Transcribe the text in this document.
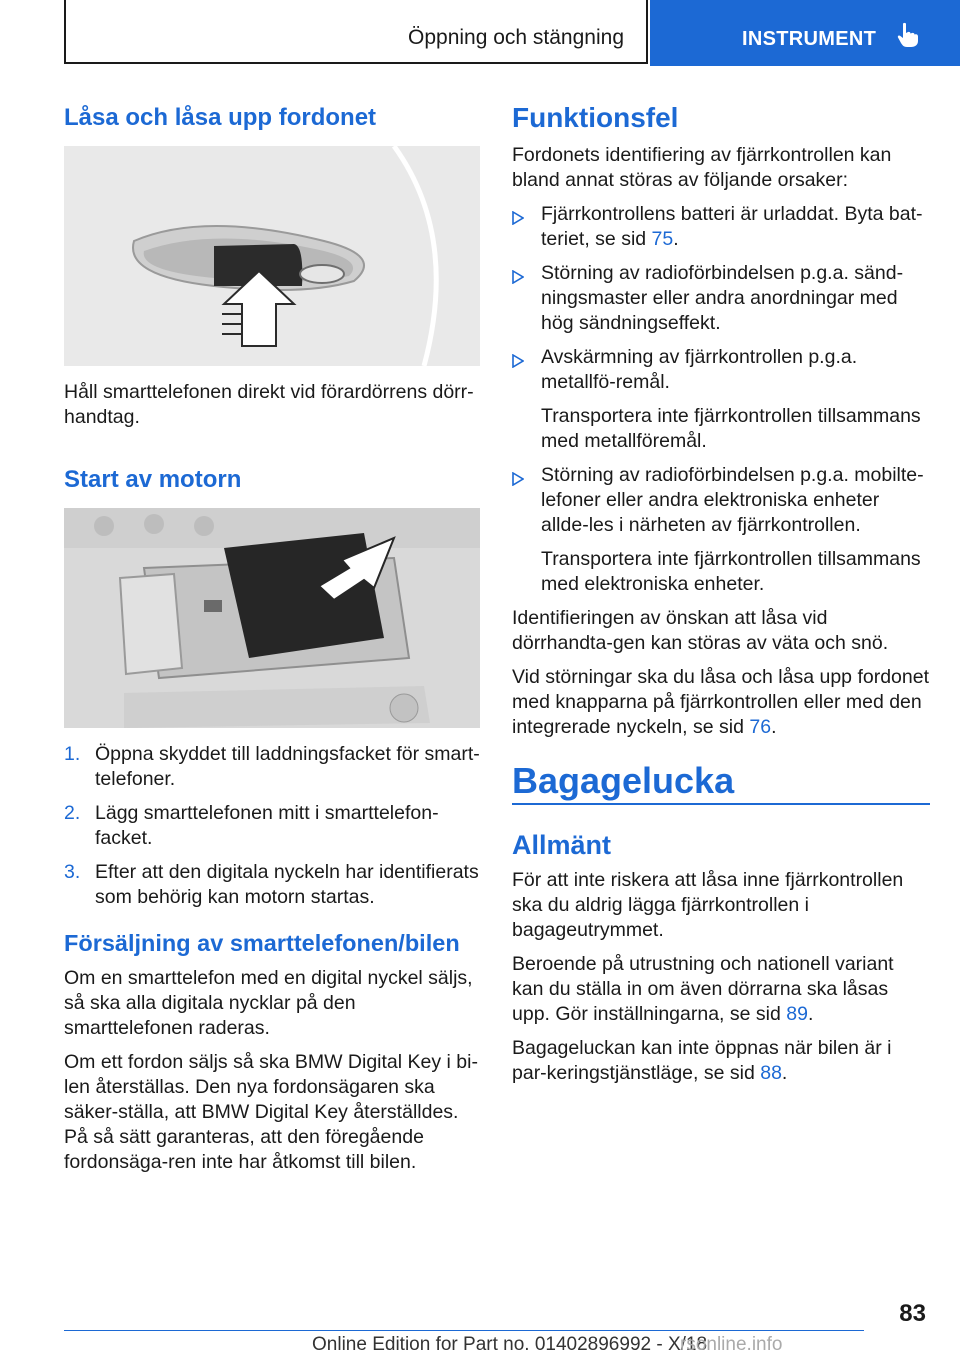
Öppning och stängning	INSTRUMENT
Låsa och låsa upp fordonet

Håll smarttelefonen direkt vid förardörrens dörr-handtag.

Start av motorn
1. Öppna skyddet till laddningsfacket för smart-telefoner.
2. Lägg smarttelefonen mitt i smarttelefon-facket.
3. Efter att den digitala nyckeln har identifierats som behörig kan motorn startas.
Försäljning av smarttelefonen/bilen

Om en smarttelefon med en digital nyckel säljs, så ska alla digitala nycklar på den smarttelefonen raderas.

Om ett fordon säljs så ska BMW Digital Key i bi-len återställas. Den nya fordonsägaren ska säker-ställa, att BMW Digital Key återställdes. På så sätt garanteras, att den föregående fordonsäga-ren inte har åtkomst till bilen.

Funktionsfel

Fordonets identifiering av fjärrkontrollen kan bland annat störas av följande orsaker:

Fjärrkontrollens batteri är urladdat. Byta bat-teriet, se sid 75.
Störning av radioförbindelsen p.g.a. sänd-ningsmaster eller andra anordningar med hög sändningseffekt.
Avskärmning av fjärrkontrollen p.g.a. metallfö-remål.

Transportera inte fjärrkontrollen tillsammans med metallföremål.

Störning av radioförbindelsen p.g.a. mobilte-lefoner eller andra elektroniska enheter allde-les i närheten av fjärrkontrollen.

Transportera inte fjärrkontrollen tillsammans med elektroniska enheter.

Identifieringen av önskan att låsa vid dörrhandta-gen kan störas av väta och snö.

Vid störningar ska du låsa och låsa upp fordonet med knapparna på fjärrkontrollen eller med den integrerade nyckeln, se sid 76.

Bagagelucka
Allmänt

För att inte riskera att låsa inne fjärrkontrollen ska du aldrig lägga fjärrkontrollen i bagageutrymmet.

Beroende på utrustning och nationell variant kan du ställa in om även dörrarna ska låsas upp. Gör inställningarna, se sid 89.

Bagageluckan kan inte öppnas när bilen är i par-keringstjänstläge, se sid 88.

83
Online Edition for Part no. 01402896992 - X/18
rsonline.info
